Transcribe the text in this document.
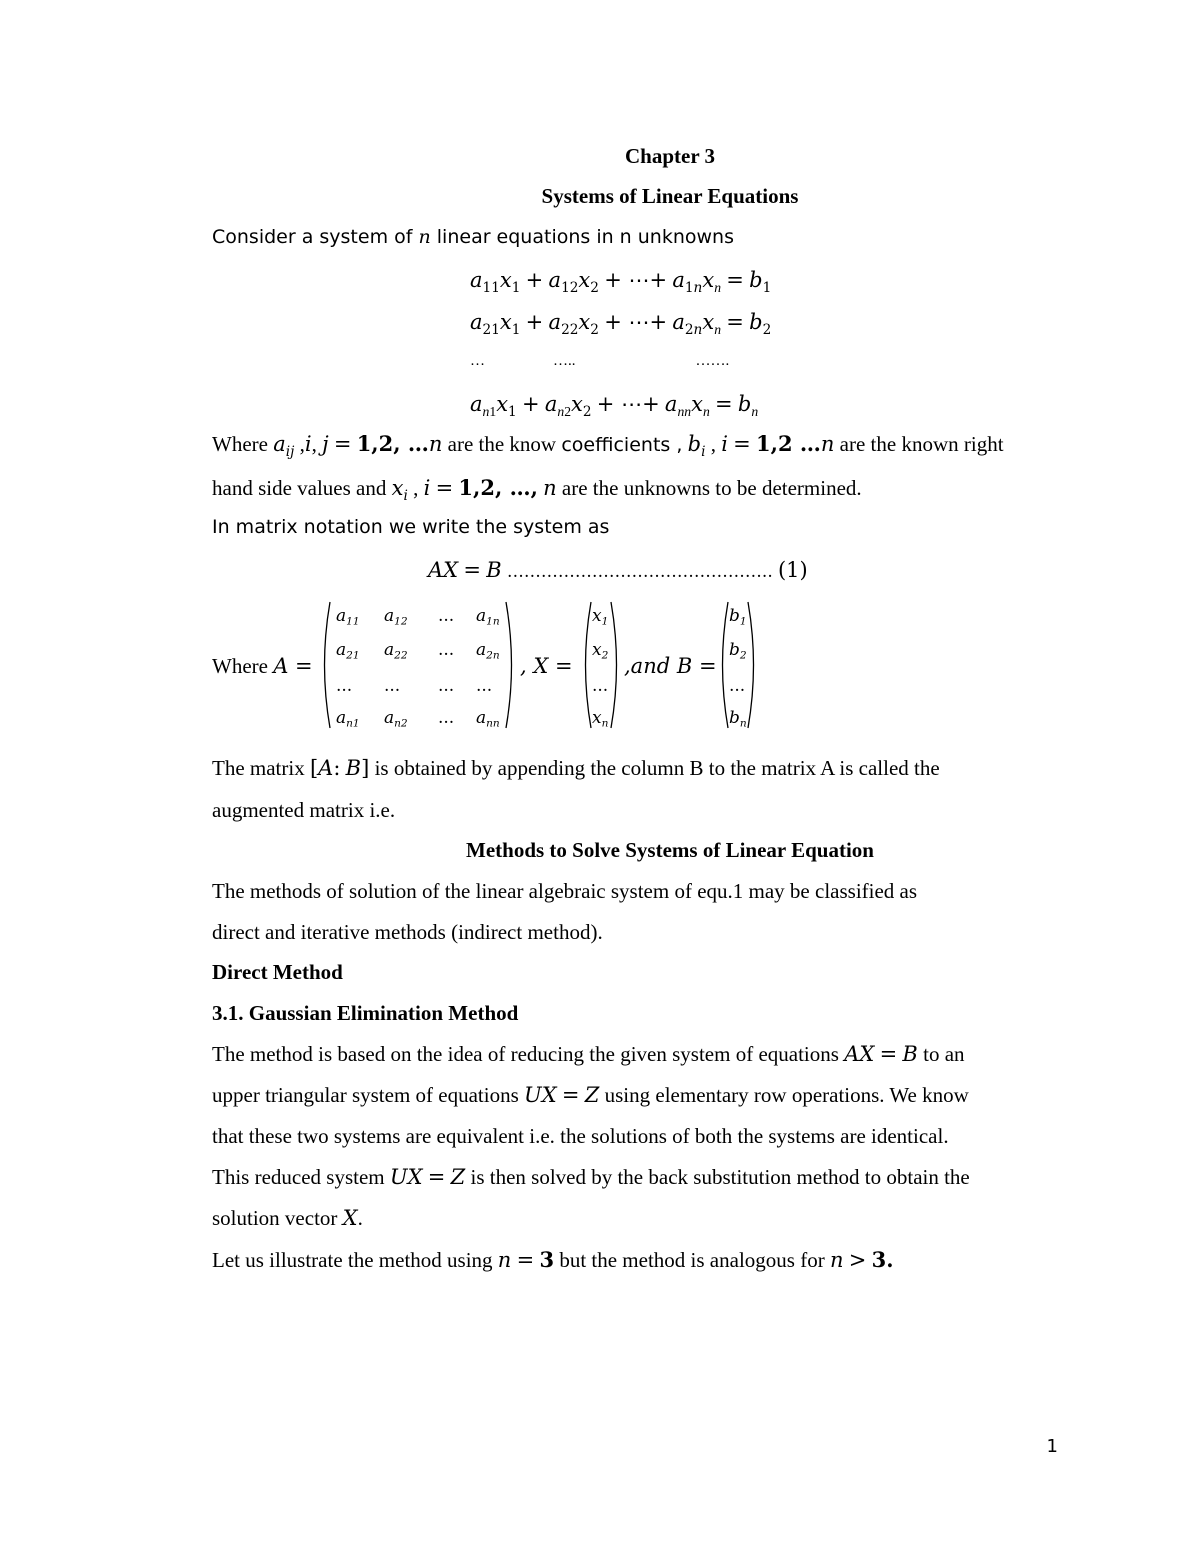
Chapter 3
Systems of Linear Equations
Consider a system of n linear equations in n unknowns
$a_{11}x_1 + a_{12}x_2$ + ⋯+ $a_{1n}x_n = b_1$
$a_{21}x_1 + a_{22}x_2$ + ⋯+ $a_{2n}x_n = b_2$
…	…..	…….
$a_{n1}x_1 + a_{n2}x_2$ + ⋯+ $a_{nn}x_n = b_n$
Where $a_{ij}$ ,i, j = 1,2, …n are the know coefficients , $b_i$ , i = 1,2 …n are the known right
hand side values and $x_i$ , i = 1,2, …, n are the unknowns to be determined.
In matrix notation we write the system as
AX = B ……………………………………….. (1)
Where A =
$a_{11}$ $a_{12}$ ... $a_{1n}$
$a_{21}$ $a_{22}$ ... $a_{2n}$
... ... ... ...
$a_{n1}$ $a_{n2}$ ... $a_{nn}$
$x_1$
$x_2$
...
$x_n$
$b_1$
$b_2$
...
$b_n$
, X = ,and B =
The matrix [A: B] is obtained by appending the column B to the matrix A is called the
augmented matrix i.e.
Methods to Solve Systems of Linear Equation
The methods of solution of the linear algebraic system of equ.1 may be classified as
direct and iterative methods (indirect method).
Direct Method
3.1. Gaussian Elimination Method
The method is based on the idea of reducing the given system of equations AX = B to an
upper triangular system of equations UX = Z using elementary row operations. We know
that these two systems are equivalent i.e. the solutions of both the systems are identical.
This reduced system UX = Z is then solved by the back substitution method to obtain the
solution vector X.
Let us illustrate the method using n = 3 but the method is analogous for n > 3.
1
